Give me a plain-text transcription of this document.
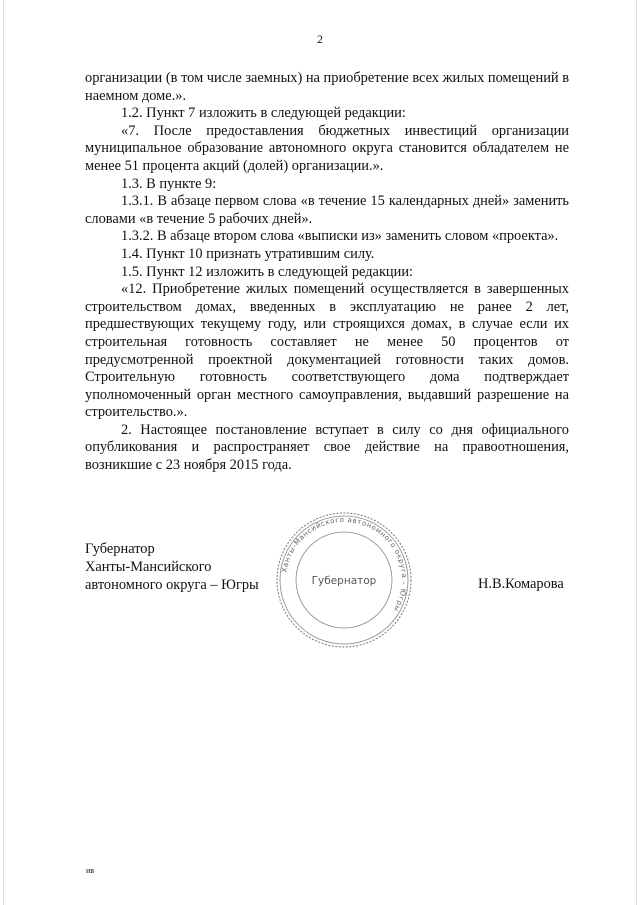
2

организации (в том числе заемных) на приобретение всех жилых помещений в наемном доме.».

1.2. Пункт 7 изложить в следующей редакции:

«7. После предоставления бюджетных инвестиций организации муниципальное образование автономного округа становится обладателем не менее 51 процента акций (долей) организации.».

1.3. В пункте 9:

1.3.1. В абзаце первом слова «в течение 15 календарных дней» заменить словами «в течение 5 рабочих дней».

1.3.2. В абзаце втором слова «выписки из» заменить словом «проекта».

1.4. Пункт 10 признать утратившим силу.

1.5. Пункт 12 изложить в следующей редакции:

«12. Приобретение жилых помещений осуществляется в завершенных строительством домах, введенных в эксплуатацию не ранее 2 лет, предшествующих текущему году, или строящихся домах, в случае если их строительная готовность составляет не менее 50 процентов от предусмотренной проектной документацией готовности таких домов. Строительную готовность соответствующего дома подтверждает уполномоченный орган местного самоуправления, выдавший разрешение на строительство.».

2. Настоящее постановление вступает в силу со дня официального опубликования и распространяет свое действие на правоотношения, возникшие с 23 ноября 2015 года.

Губернатор
Ханты-Мансийского
автономного округа – Югры
Ханты-Мансийского автономного округа – Югры
Губернатор	Н.В.Комарова
ив
